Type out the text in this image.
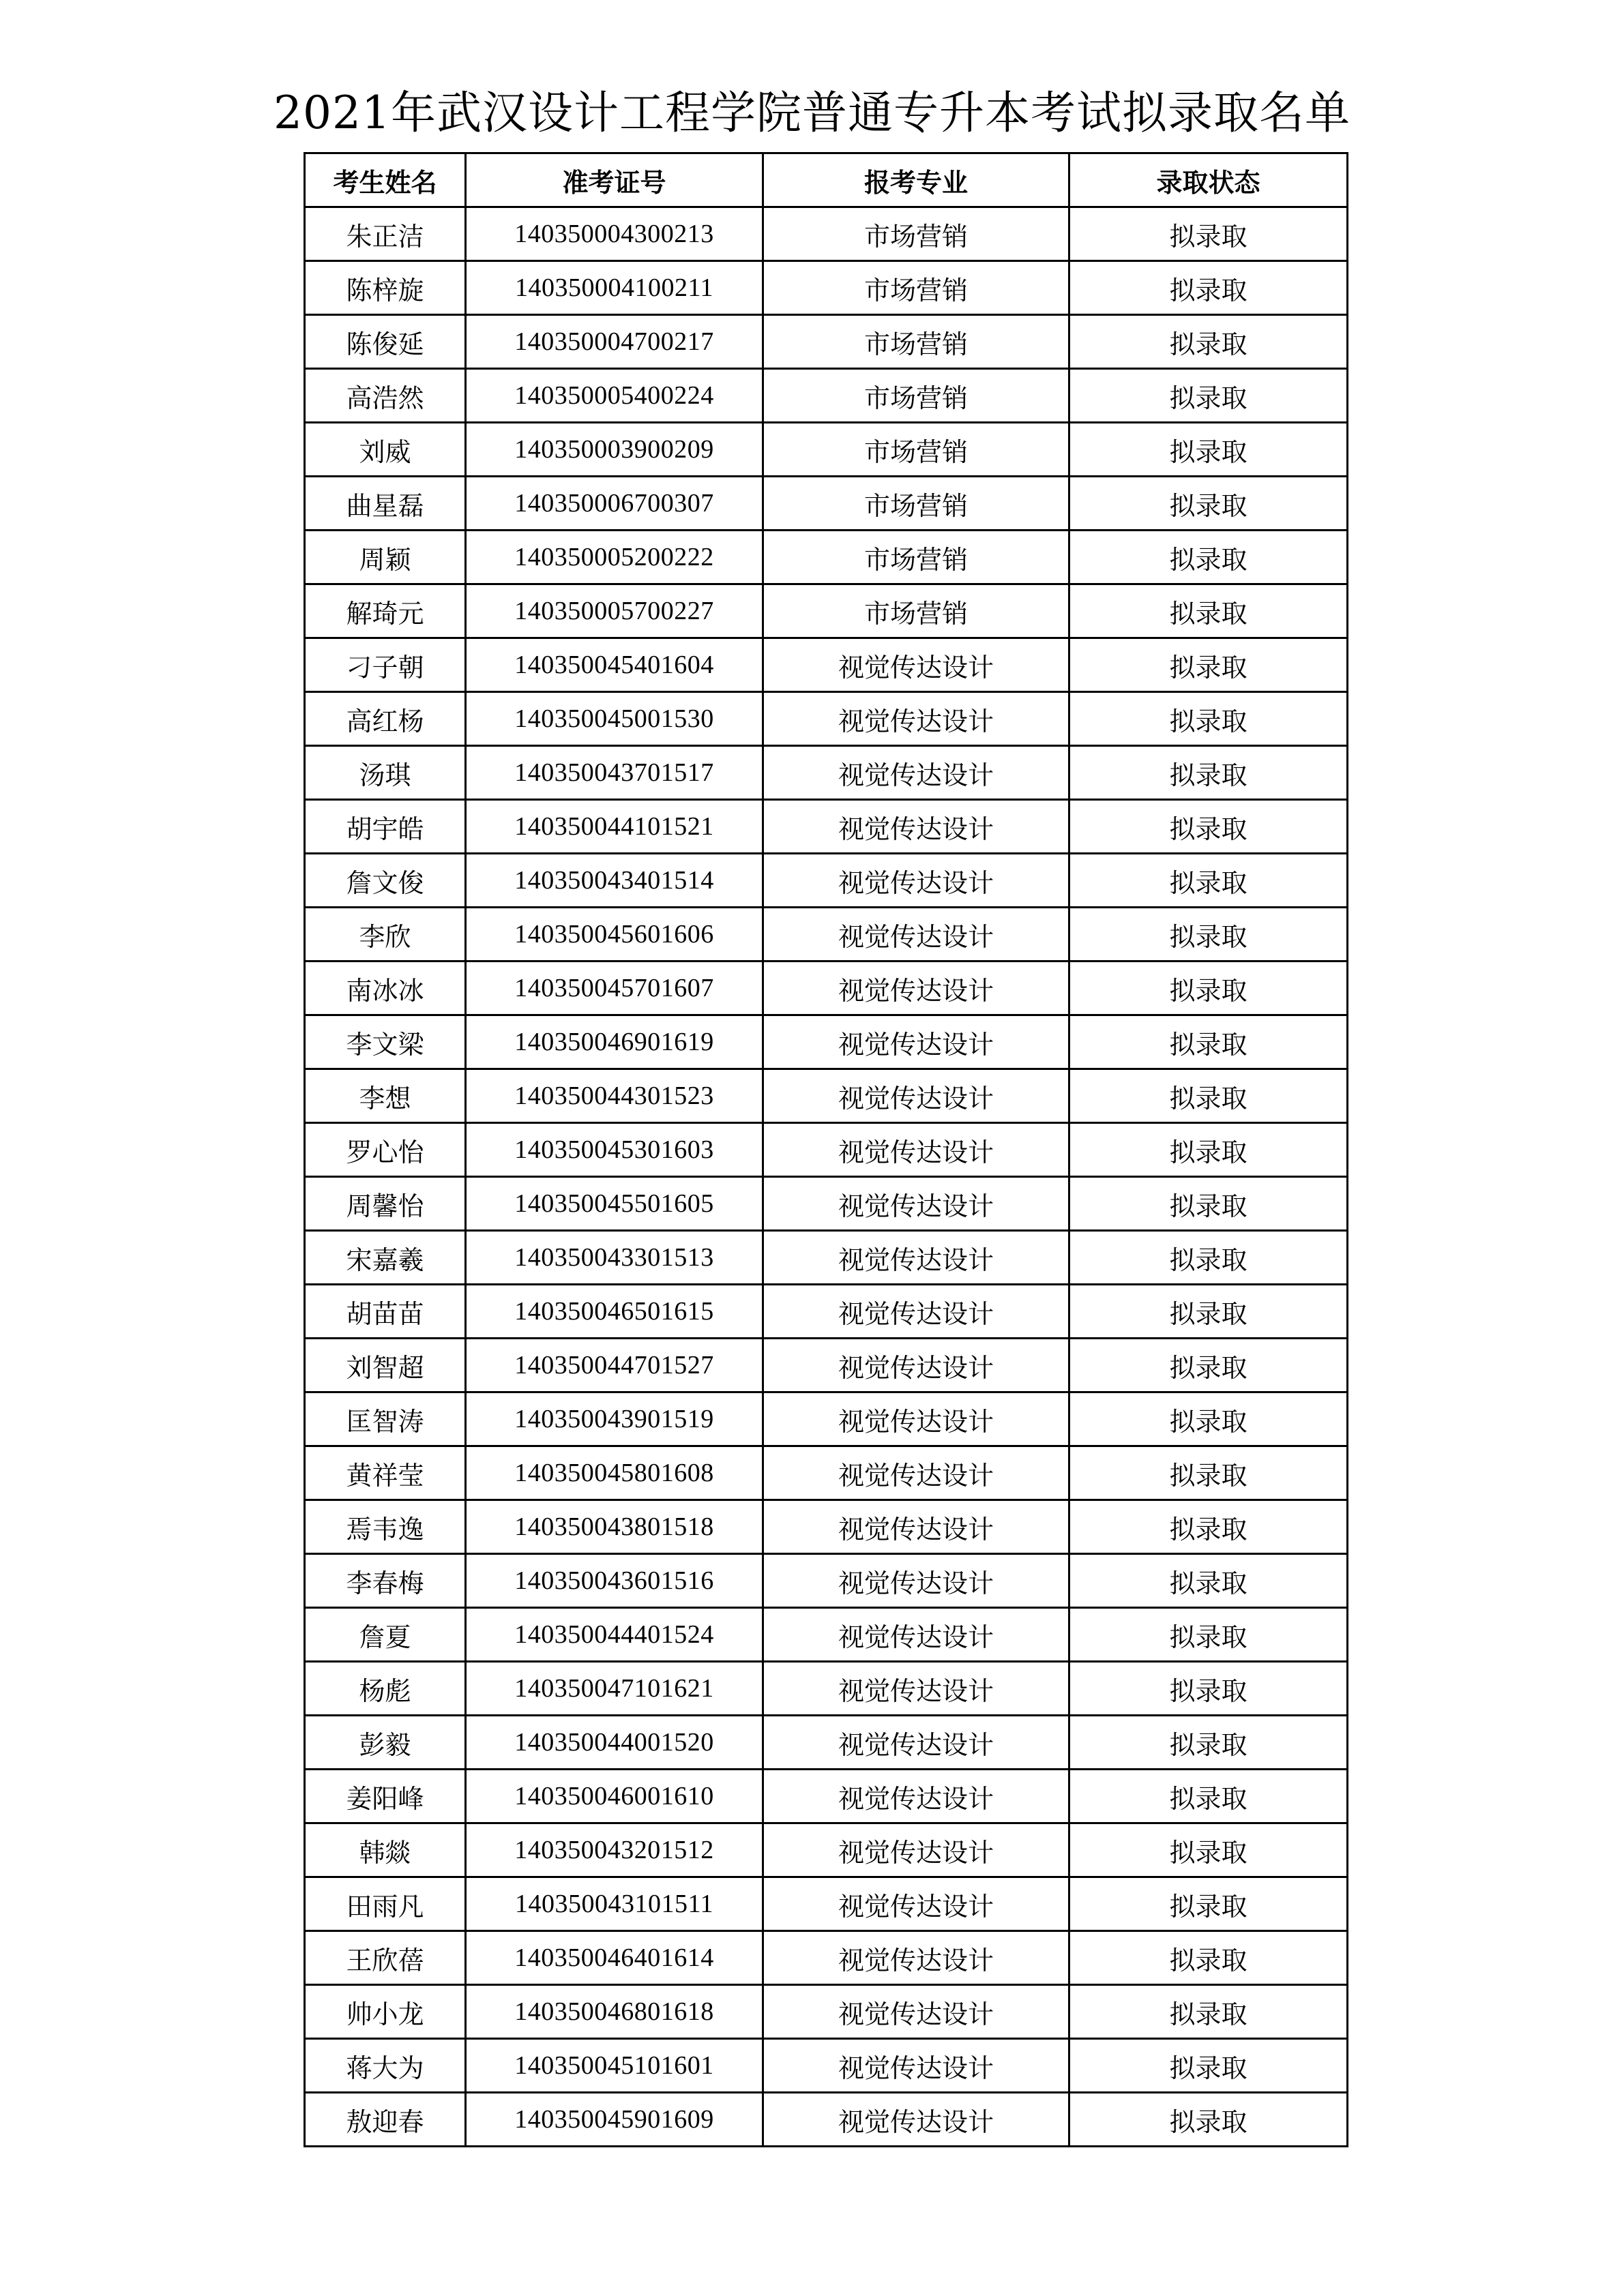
2021年武汉设计工程学院普通专升本考试拟录取名单
考生姓名	准考证号	报考专业	录取状态
朱正洁	140350004300213	市场营销	拟录取
陈梓旋	140350004100211	市场营销	拟录取
陈俊延	140350004700217	市场营销	拟录取
高浩然	140350005400224	市场营销	拟录取
刘威	140350003900209	市场营销	拟录取
曲星磊	140350006700307	市场营销	拟录取
周颖	140350005200222	市场营销	拟录取
解琦元	140350005700227	市场营销	拟录取
刁子朝	140350045401604	视觉传达设计	拟录取
高红杨	140350045001530	视觉传达设计	拟录取
汤琪	140350043701517	视觉传达设计	拟录取
胡宇皓	140350044101521	视觉传达设计	拟录取
詹文俊	140350043401514	视觉传达设计	拟录取
李欣	140350045601606	视觉传达设计	拟录取
南冰冰	140350045701607	视觉传达设计	拟录取
李文梁	140350046901619	视觉传达设计	拟录取
李想	140350044301523	视觉传达设计	拟录取
罗心怡	140350045301603	视觉传达设计	拟录取
周馨怡	140350045501605	视觉传达设计	拟录取
宋嘉羲	140350043301513	视觉传达设计	拟录取
胡苗苗	140350046501615	视觉传达设计	拟录取
刘智超	140350044701527	视觉传达设计	拟录取
匡智涛	140350043901519	视觉传达设计	拟录取
黄祥莹	140350045801608	视觉传达设计	拟录取
焉韦逸	140350043801518	视觉传达设计	拟录取
李春梅	140350043601516	视觉传达设计	拟录取
詹夏	140350044401524	视觉传达设计	拟录取
杨彪	140350047101621	视觉传达设计	拟录取
彭毅	140350044001520	视觉传达设计	拟录取
姜阳峰	140350046001610	视觉传达设计	拟录取
韩燚	140350043201512	视觉传达设计	拟录取
田雨凡	140350043101511	视觉传达设计	拟录取
王欣蓓	140350046401614	视觉传达设计	拟录取
帅小龙	140350046801618	视觉传达设计	拟录取
蒋大为	140350045101601	视觉传达设计	拟录取
敖迎春	140350045901609	视觉传达设计	拟录取
